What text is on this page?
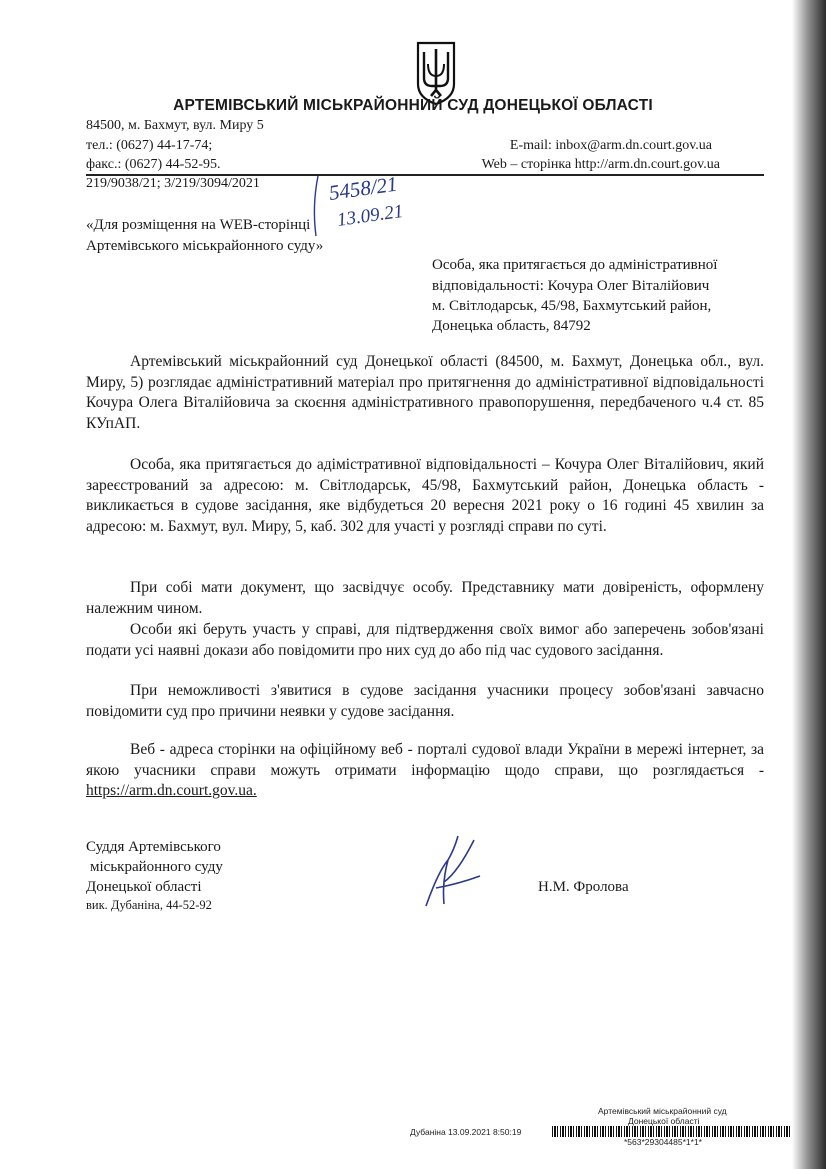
АРТЕМІВСЬКИЙ МІСЬКРАЙОННИЙ СУД ДОНЕЦЬКОЇ ОБЛАСТІ
84500, м. Бахмут, вул. Миру 5
тел.: (0627) 44-17-74;
факс.: (0627) 44-52-95.
E-mail: inbox@arm.dn.court.gov.ua
Web – сторінка http://arm.dn.court.gov.ua
219/9038/21; 3/219/3094/2021	5458/21
13.09.21
«Для розміщення на WEB-сторінці
Артемівського міськрайонного суду»
Особа, яка притягається до адміністративної
відповідальності: Кочура Олег Віталійович
м. Світлодарськ, 45/98, Бахмутський район,
Донецька область, 84792
Артемівський міськрайонний суд Донецької області (84500, м. Бахмут, Донецька обл., вул. Миру, 5) розглядає адміністративний матеріал про притягнення до адміністративної відповідальності Кочура Олега Віталійовича за скоєння адміністративного правопорушення, передбаченого ч.4 ст. 85 КУпАП.
Особа, яка притягається до адімістративної відповідальності – Кочура Олег Віталійович, який зареєстрований за адресою: м. Світлодарськ, 45/98, Бахмутський район, Донецька область - викликається в судове засідання, яке відбудеться 20 вересня 2021 року о 16 годині 45 хвилин за адресою: м. Бахмут, вул. Миру, 5, каб. 302 для участі у розгляді справи по суті.
При собі мати документ, що засвідчує особу. Представнику мати довіреність, оформлену належним чином.
Особи які беруть участь у справі, для підтвердження своїх вимог або заперечень зобов'язані подати усі наявні докази або повідомити про них суд до або під час судового засідання.
При неможливості з'явитися в судове засідання учасники процесу зобов'язані завчасно повідомити суд про причини неявки у судове засідання.
Веб - адреса сторінки на офіційному веб - порталі судової влади України в мережі інтернет, за якою учасники справи можуть отримати інформацію щодо справи, що розглядається - https://arm.dn.court.gov.ua.
Суддя Артемівського
міськрайонного суду
Донецької області
вик. Дубаніна, 44-52-92
Н.М. Фролова
Артемівський міськрайонний суд
Донецької області
Дубаніна 13.09.2021 8:50:19
*563*29304485*1*1*
